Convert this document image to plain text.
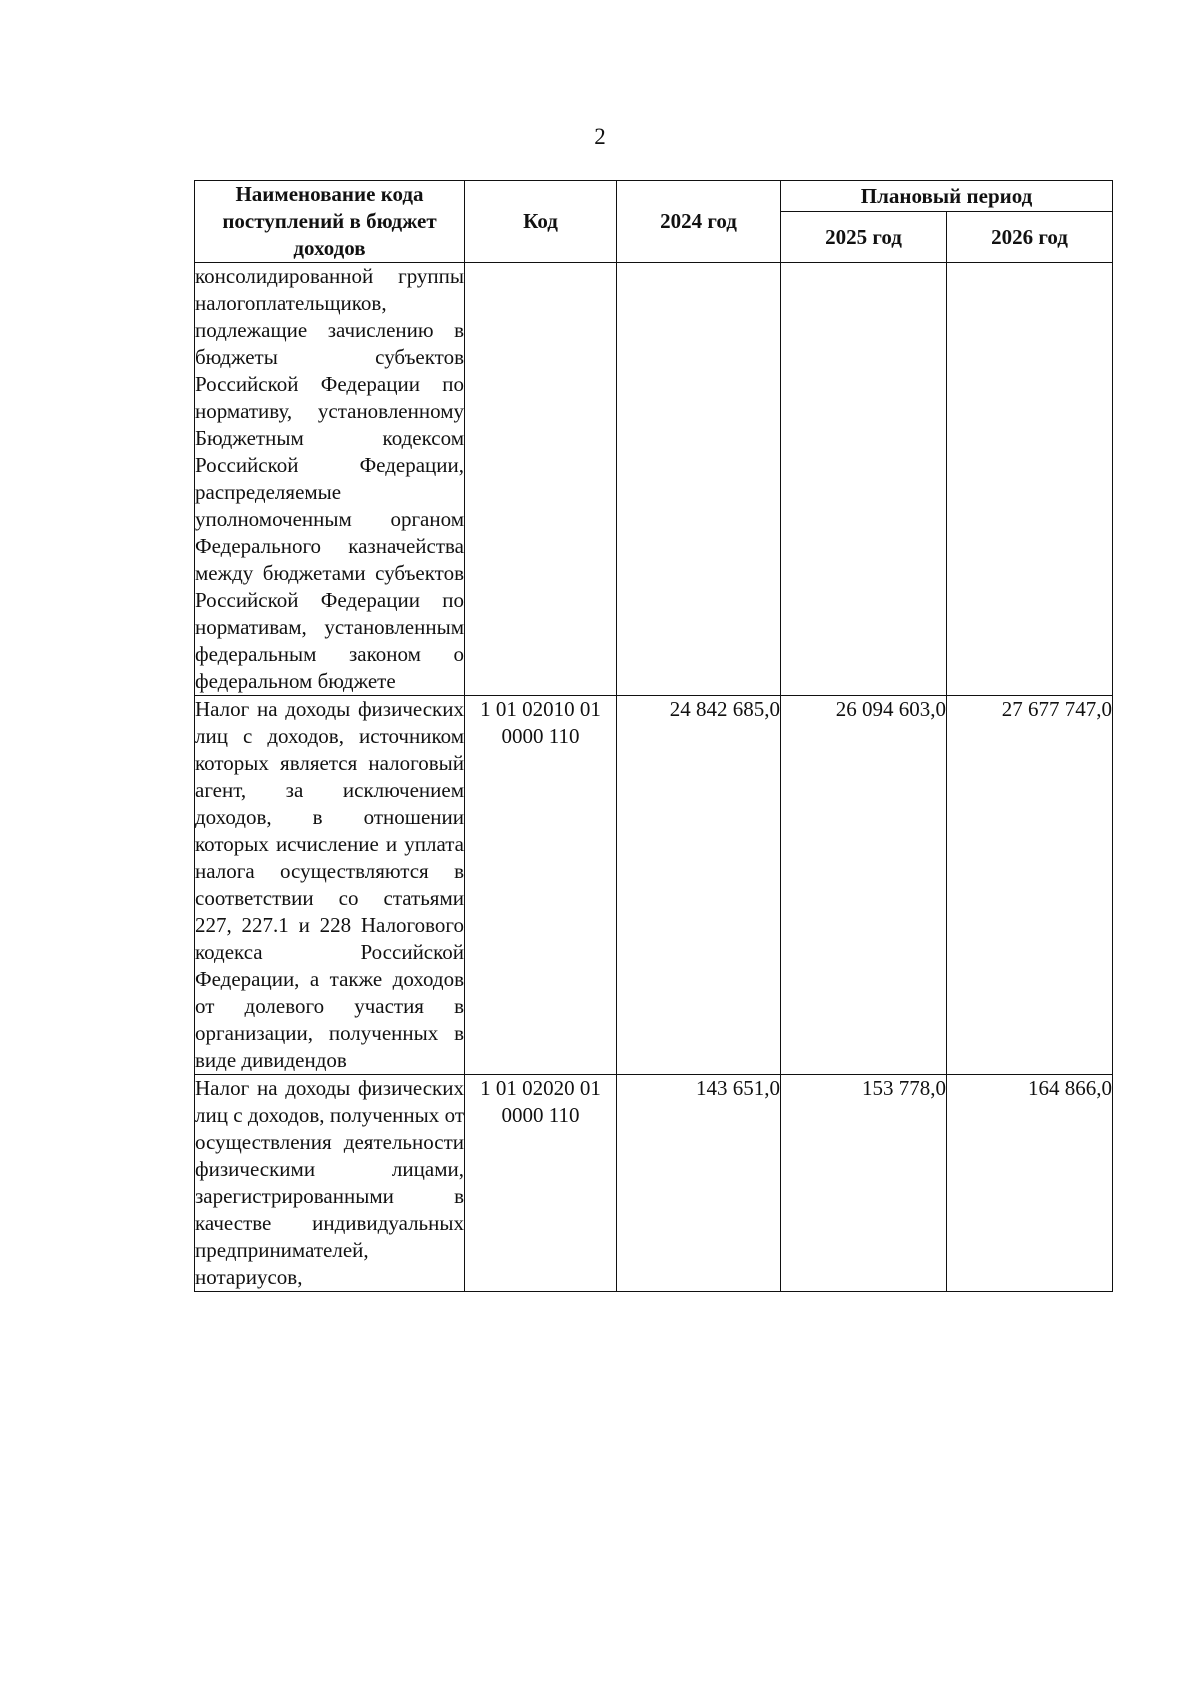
2
Наименование кода поступлений в бюджет доходов	Код	2024 год	Плановый период	
			2025 год	2026 год
консолидированной группы налогоплательщиков, подлежащие зачислению в бюджеты субъектов Российской Федерации по нормативу, установленному Бюджетным кодексом Российской Федерации, распределяемые уполномоченным органом Федерального казначейства между бюджетами субъектов Российской Федерации по нормативам, установленным федеральным законом о федеральном бюджете				
Налог на доходы физических лиц с доходов, источником которых является налоговый агент, за исключением доходов, в отношении которых исчисление и уплата налога осуществляются в соответствии со статьями 227, 227.1 и 228 Налогового кодекса Российской Федерации, а также доходов от долевого участия в организации, полученных в виде дивидендов	1 01 02010 01 0000 110	24 842 685,0	26 094 603,0	27 677 747,0
Налог на доходы физических лиц с доходов, полученных от осуществления деятельности физическими лицами, зарегистрированными в качестве индивидуальных предпринимателей, нотариусов,	1 01 02020 01 0000 110	143 651,0	153 778,0	164 866,0
